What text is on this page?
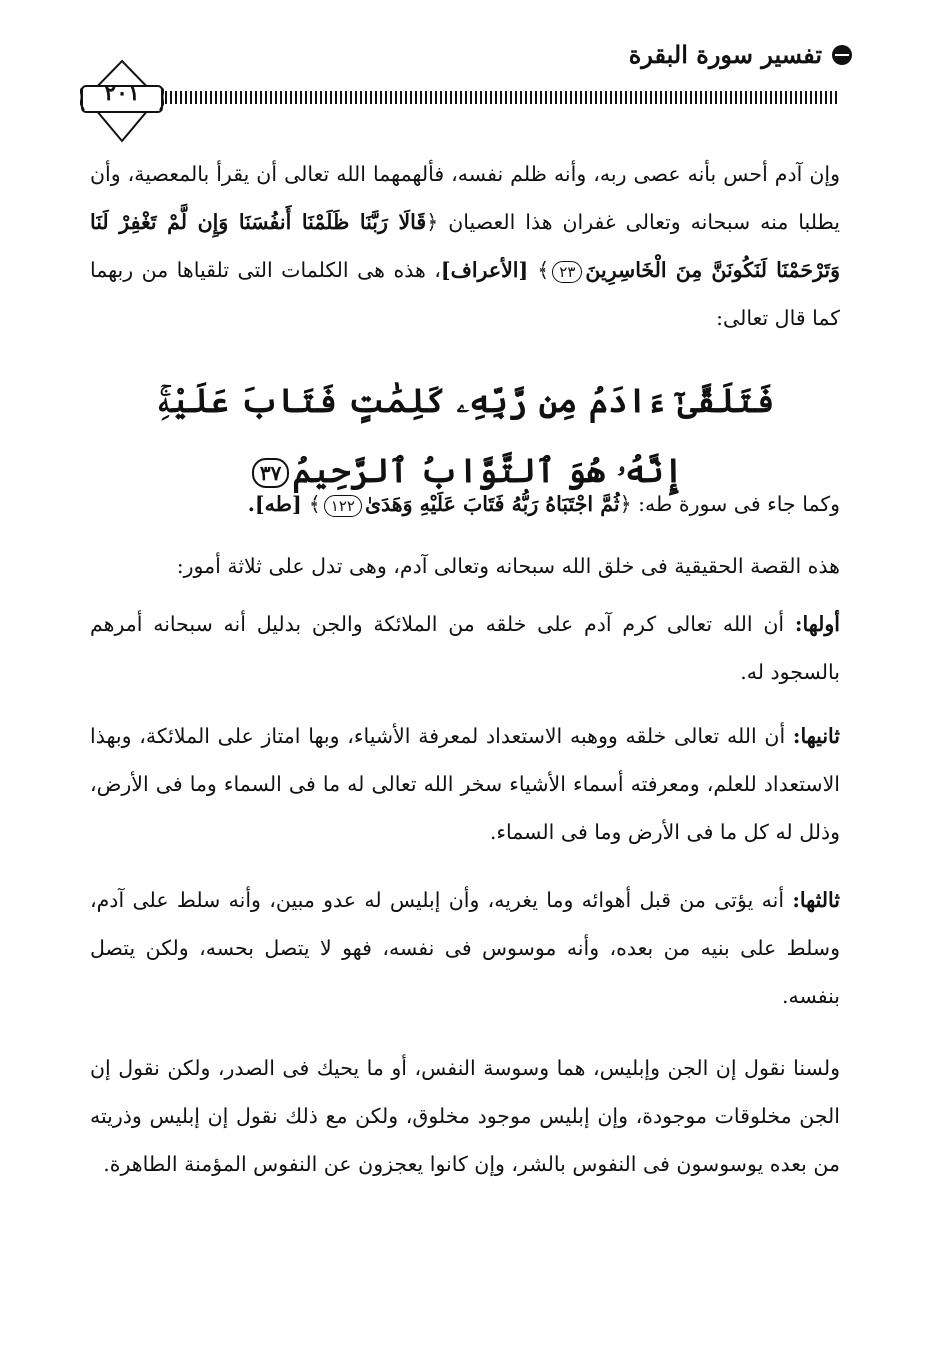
تفسير سورة البقرة
٢٠١

وإن آدم أحس بأنه عصى ربه، وأنه ظلم نفسه، فألهمهما الله تعالى أن يقرأ بالمعصية، وأن يطلبا منه سبحانه وتعالى غفران هذا العصيان ﴿قَالَا رَبَّنَا ظَلَمْنَا أَنفُسَنَا وَإِن لَّمْ تَغْفِرْ لَنَا وَتَرْحَمْنَا لَنَكُونَنَّ مِنَ الْخَاسِرِينَ٢٣﴾ [الأعراف]، هذه هى الكلمات التى تلقياها من ربهما كما قال تعالى:

فَتَلَقَّىٰٓ ءَادَمُ مِن رَّبِّهِۦ كَلِمَٰتٍ فَتَابَ عَلَيْهِۚ إِنَّهُۥ هُوَ ٱلتَّوَّابُ ٱلرَّحِيمُ٣٧

وكما جاء فى سورة طه: ﴿ثُمَّ اجْتَبَاهُ رَبُّهُ فَتَابَ عَلَيْهِ وَهَدَىٰ١٢٢﴾ [طه].

هذه القصة الحقيقية فى خلق الله سبحانه وتعالى آدم، وهى تدل على ثلاثة أمور:

أولها: أن الله تعالى كرم آدم على خلقه من الملائكة والجن بدليل أنه سبحانه أمرهم بالسجود له.

ثانيها: أن الله تعالى خلقه ووهبه الاستعداد لمعرفة الأشياء، وبها امتاز على الملائكة، وبهذا الاستعداد للعلم، ومعرفته أسماء الأشياء سخر الله تعالى له ما فى السماء وما فى الأرض، وذلل له كل ما فى الأرض وما فى السماء.

ثالثها: أنه يؤتى من قبل أهوائه وما يغريه، وأن إبليس له عدو مبين، وأنه سلط على آدم، وسلط على بنيه من بعده، وأنه موسوس فى نفسه، فهو لا يتصل بحسه، ولكن يتصل بنفسه.

ولسنا نقول إن الجن وإبليس، هما وسوسة النفس، أو ما يحيك فى الصدر، ولكن نقول إن الجن مخلوقات موجودة، وإن إبليس موجود مخلوق، ولكن مع ذلك نقول إن إبليس وذريته من بعده يوسوسون فى النفوس بالشر، وإن كانوا يعجزون عن النفوس المؤمنة الطاهرة.
